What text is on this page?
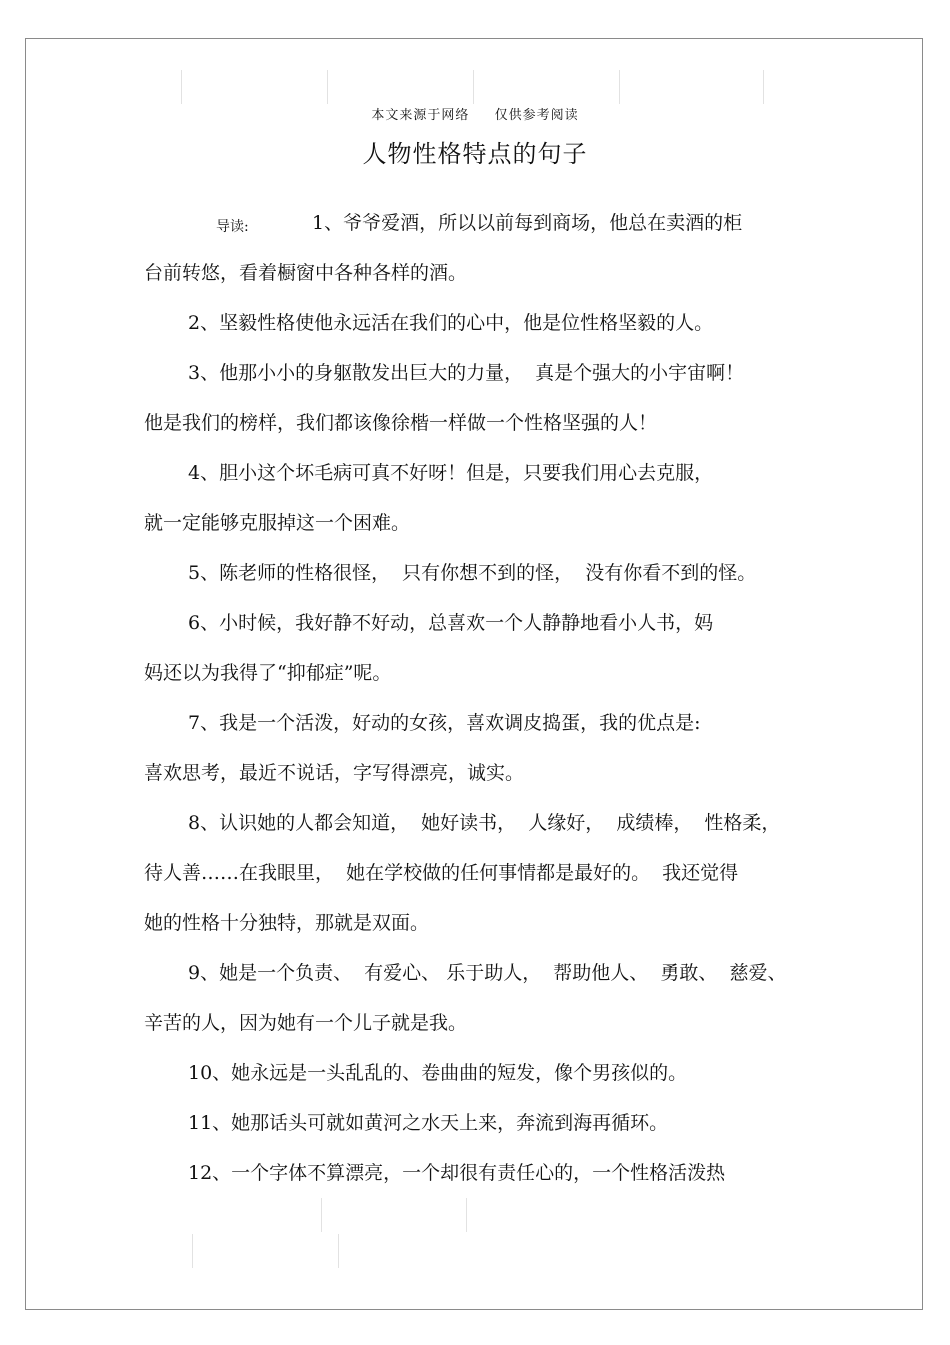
本文来源于网络 仅供参考阅读
人物性格特点的句子
导读:	1、爷爷爱酒，所以以前每到商场，他总在卖酒的柜
台前转悠，看着橱窗中各种各样的酒。
2、坚毅性格使他永远活在我们的心中，他是位性格坚毅的人。
3、他那小小的身躯散发出巨大的力量，  真是个强大的小宇宙啊！
他是我们的榜样，我们都该像徐楷一样做一个性格坚强的人！
4、胆小这个坏毛病可真不好呀！但是，只要我们用心去克服，
就一定能够克服掉这一个困难。
5、陈老师的性格很怪，  只有你想不到的怪，  没有你看不到的怪。
6、小时候，我好静不好动，总喜欢一个人静静地看小人书，妈
妈还以为我得了“抑郁症”呢。
7、我是一个活泼，好动的女孩，喜欢调皮捣蛋，我的优点是:
喜欢思考，最近不说话，字写得漂亮，诚实。
8、认识她的人都会知道，  她好读书，  人缘好，  成绩棒，  性格柔，
待人善……在我眼里，  她在学校做的任何事情都是最好的。  我还觉得
她的性格十分独特，那就是双面。
9、她是一个负责、  有爱心、 乐于助人，  帮助他人、  勇敢、  慈爱、
辛苦的人，因为她有一个儿子就是我。
10、她永远是一头乱乱的、卷曲曲的短发，像个男孩似的。
11、她那话头可就如黄河之水天上来，奔流到海再循环。
12、一个字体不算漂亮，一个却很有责任心的，一个性格活泼热
